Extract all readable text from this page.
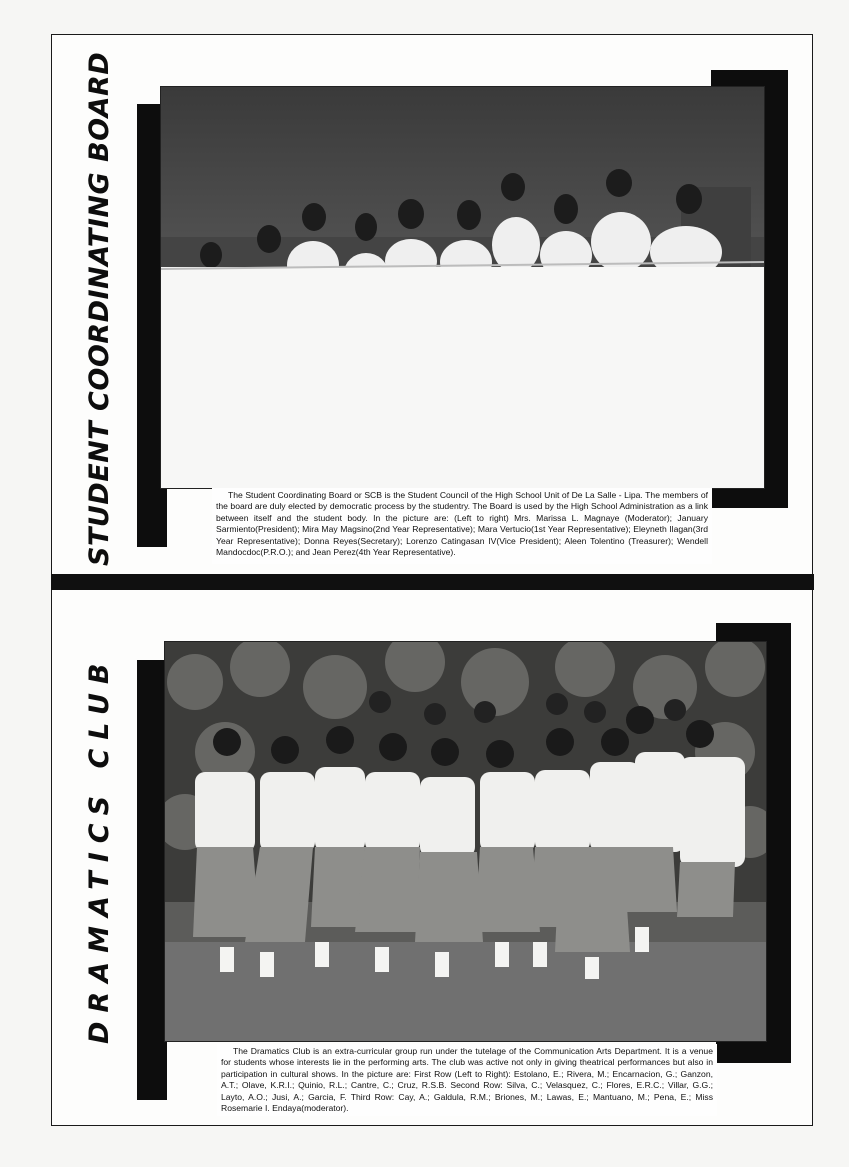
STUDENT COORDINATING BOARD	The Student Coordinating Board or SCB is the Student Council of the High School Unit of De La Salle - Lipa. The members of the board are duly elected by democratic process by the studentry. The Board is used by the High School Administration as a link between itself and the student body. In the picture are: (Left to right) Mrs. Marissa L. Magnaye (Moderator); January Sarmiento(President); Mira May Magsino(2nd Year Representative); Mara Vertucio(1st Year Representative); Eleyneth Ilagan(3rd Year Representative); Donna Reyes(Secretary); Lorenzo Catingasan IV(Vice President); Aleen Tolentino (Treasurer); Wendell Mandocdoc(P.R.O.); and Jean Perez(4th Year Representative).

DRAMATICS CLUB

The Dramatics Club is an extra-curricular group run under the tutelage of the Communication Arts Department. It is a venue for students whose interests lie in the performing arts. The club was active not only in giving theatrical performances but also in participation in cultural shows. In the picture are: First Row (Left to Right): Estolano, E.; Rivera, M.; Encarnacion, G.; Ganzon, A.T.; Olave, K.R.I.; Quinio, R.L.; Cantre, C.; Cruz, R.S.B. Second Row: Silva, C.; Velasquez, C.; Flores, E.R.C.; Villar, G.G.; Layto, A.O.; Jusi, A.; Garcia, F. Third Row: Cay, A.; Galdula, R.M.; Briones, M.; Lawas, E.; Mantuano, M.; Pena, E.; Miss Rosemarie I. Endaya(moderator).
